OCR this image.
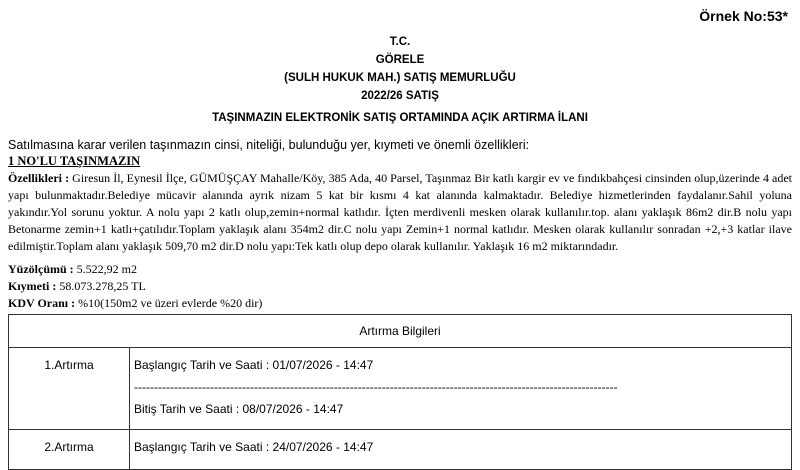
Örnek No:53*
T.C.
GÖRELE
(SULH HUKUK MAH.) SATIŞ MEMURLUĞU
2022/26 SATIŞ
TAŞINMAZIN ELEKTRONİK SATIŞ ORTAMINDA AÇIK ARTIRMA İLANI
Satılmasına karar verilen taşınmazın cinsi, niteliği, bulunduğu yer, kıymeti ve önemli özellikleri:
1 NO'LU TAŞINMAZIN
Özellikleri : Giresun İl, Eynesil İlçe, GÜMÜŞÇAY Mahalle/Köy, 385 Ada, 40 Parsel, Taşınmaz Bir katlı kargir ev ve fındıkbahçesi cinsinden olup,üzerinde 4 adet yapı bulunmaktadır.Belediye mücavir alanında ayrık nizam 5 kat bir kısmı 4 kat alanında kalmaktadır. Belediye hizmetlerinden faydalanır.Sahil yoluna yakındır.Yol sorunu yoktur. A nolu yapı 2 katlı olup,zemin+normal katlıdır. İçten merdivenli mesken olarak kullanılır.top. alanı yaklaşık 86m2 dir.B nolu yapı Betonarme zemin+1 katlı+çatılıdır.Toplam yaklaşık alanı 354m2 dir.C nolu yapı Zemin+1 normal katlıdır. Mesken olarak kullanılır sonradan +2,+3 katlar ilave edilmiştir.Toplam alanı yaklaşık 509,70 m2 dir.D nolu yapı:Tek katlı olup depo olarak kullanılır. Yaklaşık 16 m2 miktarındadır.
Yüzölçümü : 5.522,92 m2
Kıymeti : 58.073.278,25 TL
KDV Oranı : %10(150m2 ve üzeri evlerde %20 dir)
Artırma Bilgileri	
1.Artırma	Başlangıç Tarih ve Saati : 01/07/2026 - 14:47
-------------------------------------------------------------------------------------------------------------------------
Bitiş Tarih ve Saati : 08/07/2026 - 14:47

2.Artırma	Başlangıç Tarih ve Saati : 24/07/2026 - 14:47
